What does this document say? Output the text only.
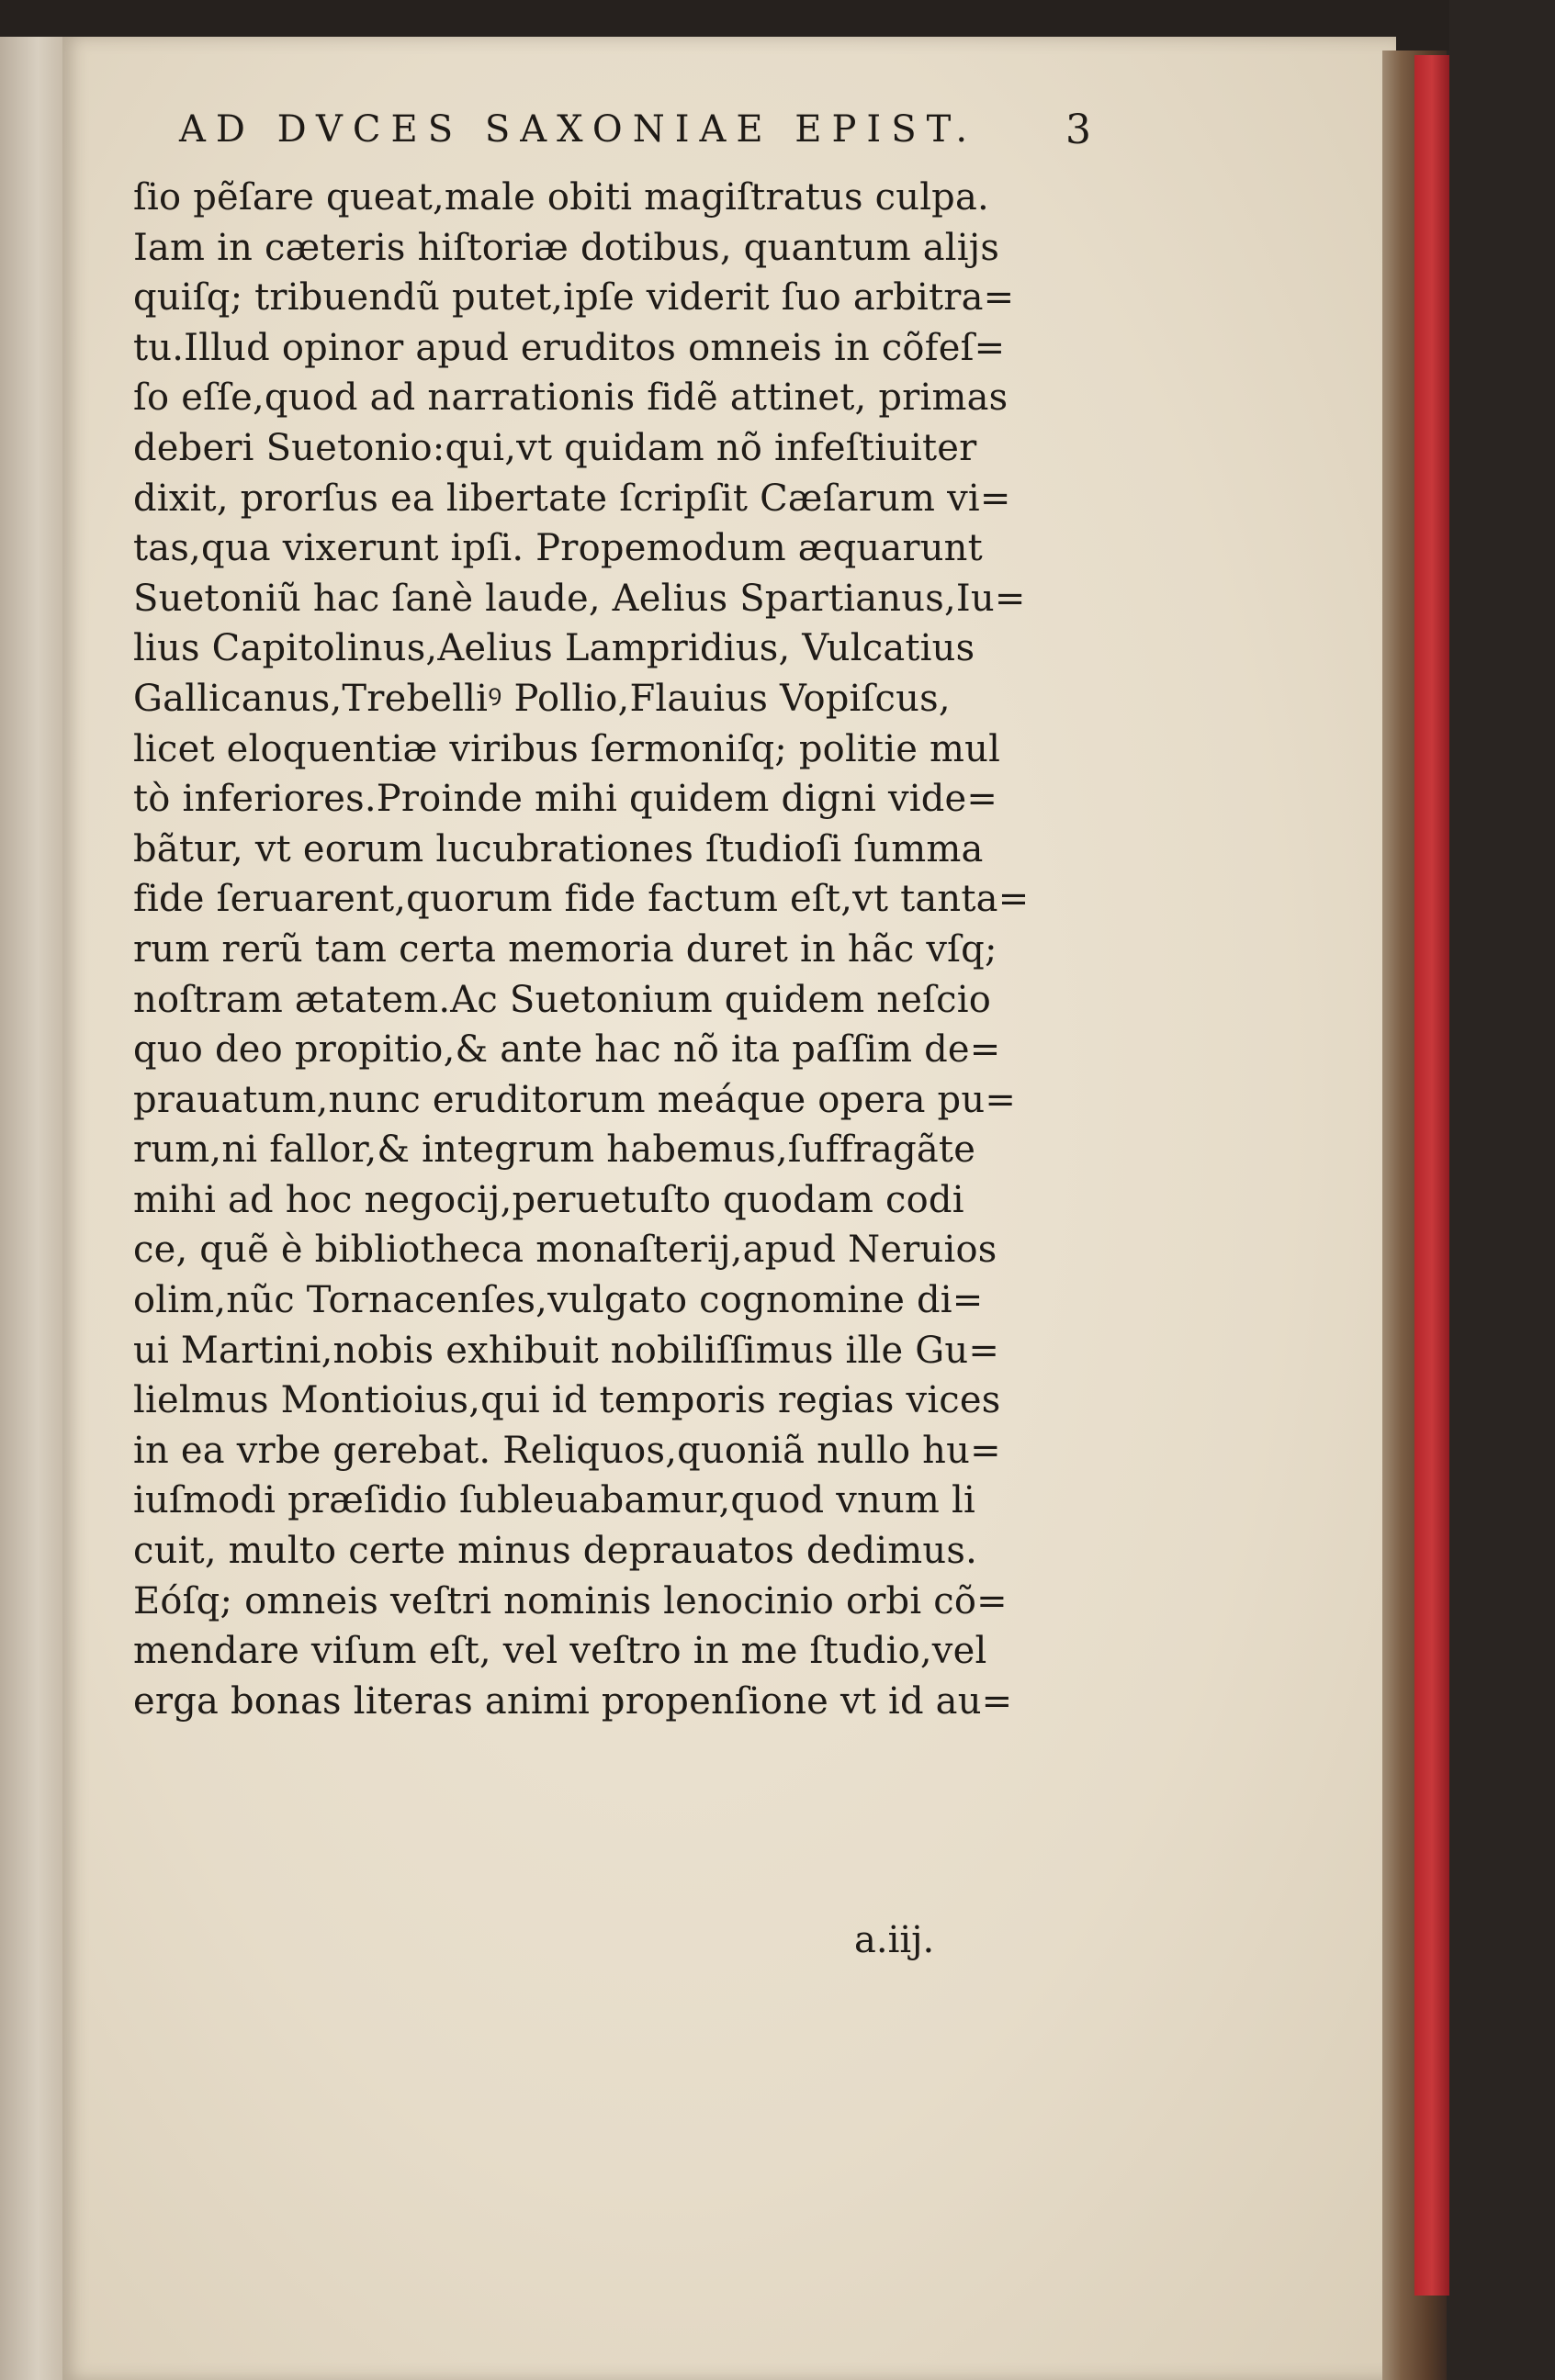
AD DVCES SAXONIAE EPIST.	3
ſio pẽſare queat,male obiti magiſtratus culpa.
Iam in cæteris hiſtoriæ dotibus, quantum alijs
quiſq; tribuendũ putet,ipſe viderit ſuo arbitra=
tu.Illud opinor apud eruditos omneis in cõfeſ=
ſo eſſe,quod ad narrationis fidẽ attinet, primas
deberi Suetonio:qui,vt quidam nõ infeſtiuiter
dixit, prorſus ea libertate ſcripſit Cæſarum vi=
tas,qua vixerunt ipſi. Propemodum æquarunt
Suetoniũ hac ſanè laude, Aelius Spartianus,Iu=
lius Capitolinus,Aelius Lampridius, Vulcatius
Gallicanus,Trebelliꝰ Pollio,Flauius Vopiſcus,
licet eloquentiæ viribus ſermoniſq; politie mul
tò inferiores.Proinde mihi quidem digni vide=
bãtur, vt eorum lucubrationes ſtudioſi ſumma
fide ſeruarent,quorum fide factum eſt,vt tanta=
rum rerũ tam certa memoria duret in hãc vſq;
noſtram ætatem.Ac Suetonium quidem neſcio
quo deo propitio,& ante hac nõ ita paſſim de=
prauatum,nunc eruditorum meáque opera pu=
rum,ni fallor,& integrum habemus,ſuffragãte
mihi ad hoc negocij,peruetuſto quodam codi
ce, quẽ è bibliotheca monaſterij,apud Neruios
olim,nũc Tornacenſes,vulgato cognomine di=
ui Martini,nobis exhibuit nobiliſſimus ille Gu=
lielmus Montioius,qui id temporis regias vices
in ea vrbe gerebat. Reliquos,quoniã nullo hu=
iuſmodi præſidio ſubleuabamur,quod vnum li
cuit, multo certe minus deprauatos dedimus.
Eóſq; omneis veſtri nominis lenocinio orbi cõ=
mendare viſum eſt, vel veſtro in me ſtudio,vel
erga bonas literas animi propenſione vt id au=
a.iij.
